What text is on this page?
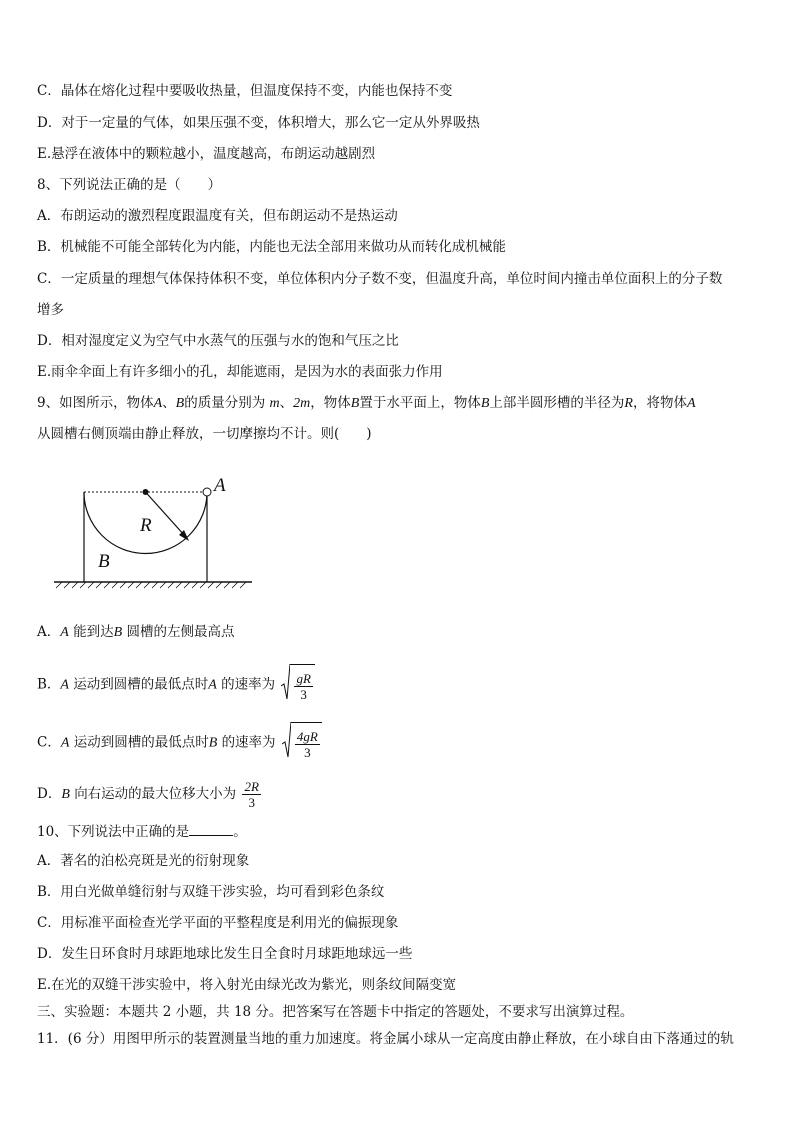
C．晶体在熔化过程中要吸收热量，但温度保持不变，内能也保持不变
D．对于一定量的气体，如果压强不变，体积增大，那么它一定从外界吸热
E.悬浮在液体中的颗粒越小，温度越高，布朗运动越剧烈
8、下列说法正确的是（　　）
A．布朗运动的激烈程度跟温度有关，但布朗运动不是热运动
B．机械能不可能全部转化为内能，内能也无法全部用来做功从而转化成机械能
C．一定质量的理想气体保持体积不变，单位体积内分子数不变，但温度升高，单位时间内撞击单位面积上的分子数
增多
D．相对湿度定义为空气中水蒸气的压强与水的饱和气压之比
E.雨伞伞面上有许多细小的孔，却能遮雨，是因为水的表面张力作用
9、如图所示，物体A、B的质量分别为 m、2m，物体B置于水平面上，物体B上部半圆形槽的半径为R，将物体A
从圆槽右侧顶端由静止释放，一切摩擦均不计。则(　　)
A
R
B
A．A 能到达B 圆槽的左侧最高点
B．A 运动到圆槽的最低点时A 的速率为 $\frac{gR}{3}$
C．A 运动到圆槽的最低点时B 的速率为 $\frac{4gR}{3}$
D．B 向右运动的最大位移大小为 $\frac{2R}{3}$
10、下列说法中正确的是	。
A．著名的泊松亮斑是光的衍射现象
B．用白光做单缝衍射与双缝干涉实验，均可看到彩色条纹
C．用标准平面检查光学平面的平整程度是利用光的偏振现象
D．发生日环食时月球距地球比发生日全食时月球距地球远一些
E.在光的双缝干涉实验中，将入射光由绿光改为紫光，则条纹间隔变宽
三、实验题：本题共 2 小题，共 18 分。把答案写在答题卡中指定的答题处，不要求写出演算过程。
11．(6 分）用图甲所示的装置测量当地的重力加速度。将金属小球从一定高度由静止释放，在小球自由下落通过的轨
